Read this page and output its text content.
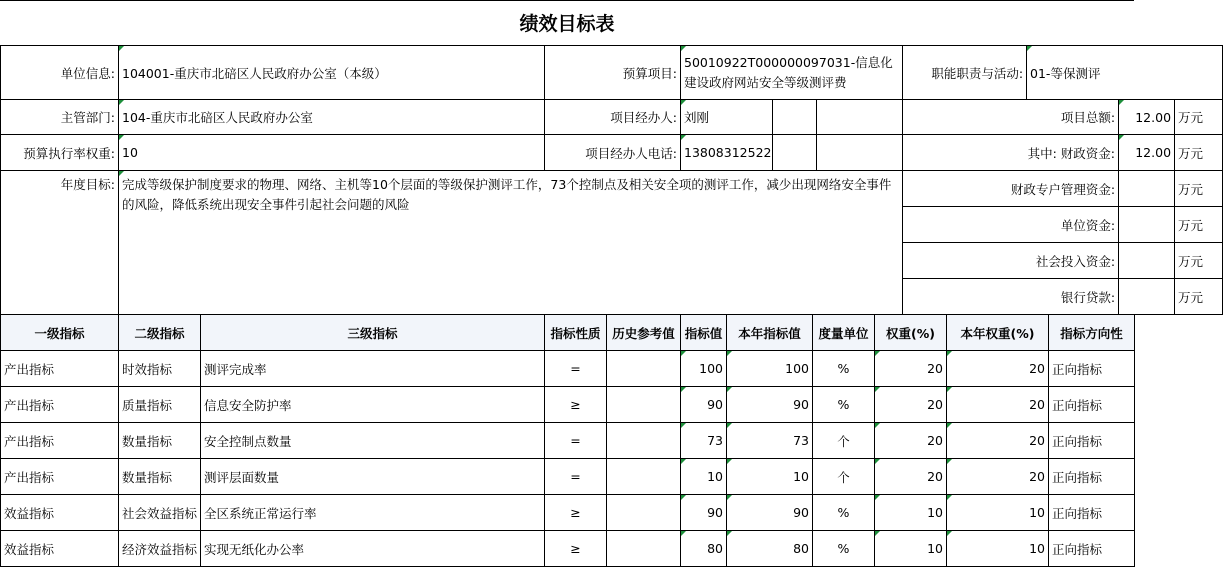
绩效目标表
单位信息:	104001-重庆市北碚区人民政府办公室（本级）	预算项目:	50010922T000000097031-信息化建设政府网站安全等级测评费			职能职责与活动:	01-等保测评		
主管部门:	104-重庆市北碚区人民政府办公室	项目经办人:	刘刚			项目总额:		12.00	万元
预算执行率权重:	10	项目经办人电话:	13808312522			其中: 财政资金:		12.00	万元
年度目标:	完成等级保护制度要求的物理、网络、主机等10个层面的等级保护测评工作，73个控制点及相关安全项的测评工作，减少出现网络安全事件的风险，降低系统出现安全事件引起社会问题的风险					财政专户管理资金:			万元
						单位资金:			万元
						社会投入资金:			万元
						银行贷款:			万元
一级指标	二级指标	三级指标	指标性质	历史参考值	指标值	本年指标值	度量单位	权重(%)	本年权重(%)	指标方向性
产出指标	时效指标	测评完成率	=		100	100	%	20	20	正向指标
产出指标	质量指标	信息安全防护率	≥		90	90	%	20	20	正向指标
产出指标	数量指标	安全控制点数量	=		73	73	个	20	20	正向指标
产出指标	数量指标	测评层面数量	=		10	10	个	20	20	正向指标
效益指标	社会效益指标	全区系统正常运行率	≥		90	90	%	10	10	正向指标
效益指标	经济效益指标	实现无纸化办公率	≥		80	80	%	10	10	正向指标
